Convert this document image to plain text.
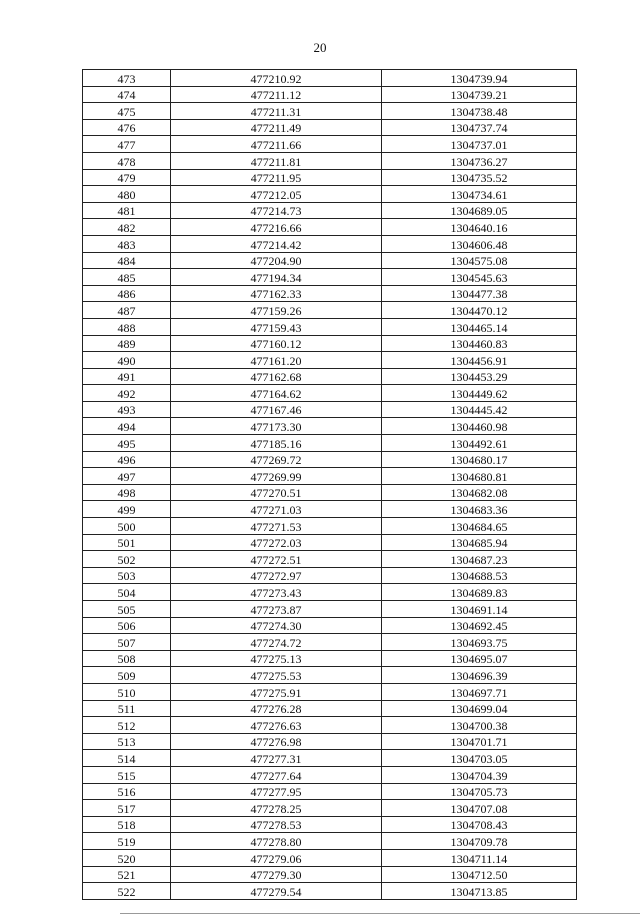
20
473	477210.92	1304739.94
474	477211.12	1304739.21
475	477211.31	1304738.48
476	477211.49	1304737.74
477	477211.66	1304737.01
478	477211.81	1304736.27
479	477211.95	1304735.52
480	477212.05	1304734.61
481	477214.73	1304689.05
482	477216.66	1304640.16
483	477214.42	1304606.48
484	477204.90	1304575.08
485	477194.34	1304545.63
486	477162.33	1304477.38
487	477159.26	1304470.12
488	477159.43	1304465.14
489	477160.12	1304460.83
490	477161.20	1304456.91
491	477162.68	1304453.29
492	477164.62	1304449.62
493	477167.46	1304445.42
494	477173.30	1304460.98
495	477185.16	1304492.61
496	477269.72	1304680.17
497	477269.99	1304680.81
498	477270.51	1304682.08
499	477271.03	1304683.36
500	477271.53	1304684.65
501	477272.03	1304685.94
502	477272.51	1304687.23
503	477272.97	1304688.53
504	477273.43	1304689.83
505	477273.87	1304691.14
506	477274.30	1304692.45
507	477274.72	1304693.75
508	477275.13	1304695.07
509	477275.53	1304696.39
510	477275.91	1304697.71
511	477276.28	1304699.04
512	477276.63	1304700.38
513	477276.98	1304701.71
514	477277.31	1304703.05
515	477277.64	1304704.39
516	477277.95	1304705.73
517	477278.25	1304707.08
518	477278.53	1304708.43
519	477278.80	1304709.78
520	477279.06	1304711.14
521	477279.30	1304712.50
522	477279.54	1304713.85
